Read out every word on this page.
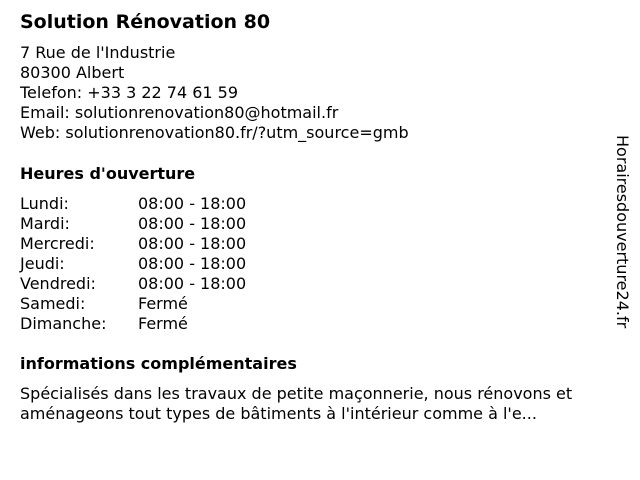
Solution Rénovation 80
7 Rue de l'Industrie
80300 Albert
Telefon: +33 3 22 74 61 59
Email: solutionrenovation80@hotmail.fr
Web: solutionrenovation80.fr/?utm_source=gmb
Heures d'ouverture
Lundi:	08:00 - 18:00
Mardi:	08:00 - 18:00
Mercredi:	08:00 - 18:00
Jeudi:	08:00 - 18:00
Vendredi:	08:00 - 18:00
Samedi:	Fermé
Dimanche:	Fermé
informations complémentaires

Spécialisés dans les travaux de petite maçonnerie, nous rénovons et aménageons tout types de bâtiments à l'intérieur comme à l'e...

Horairesdouverture24.fr
